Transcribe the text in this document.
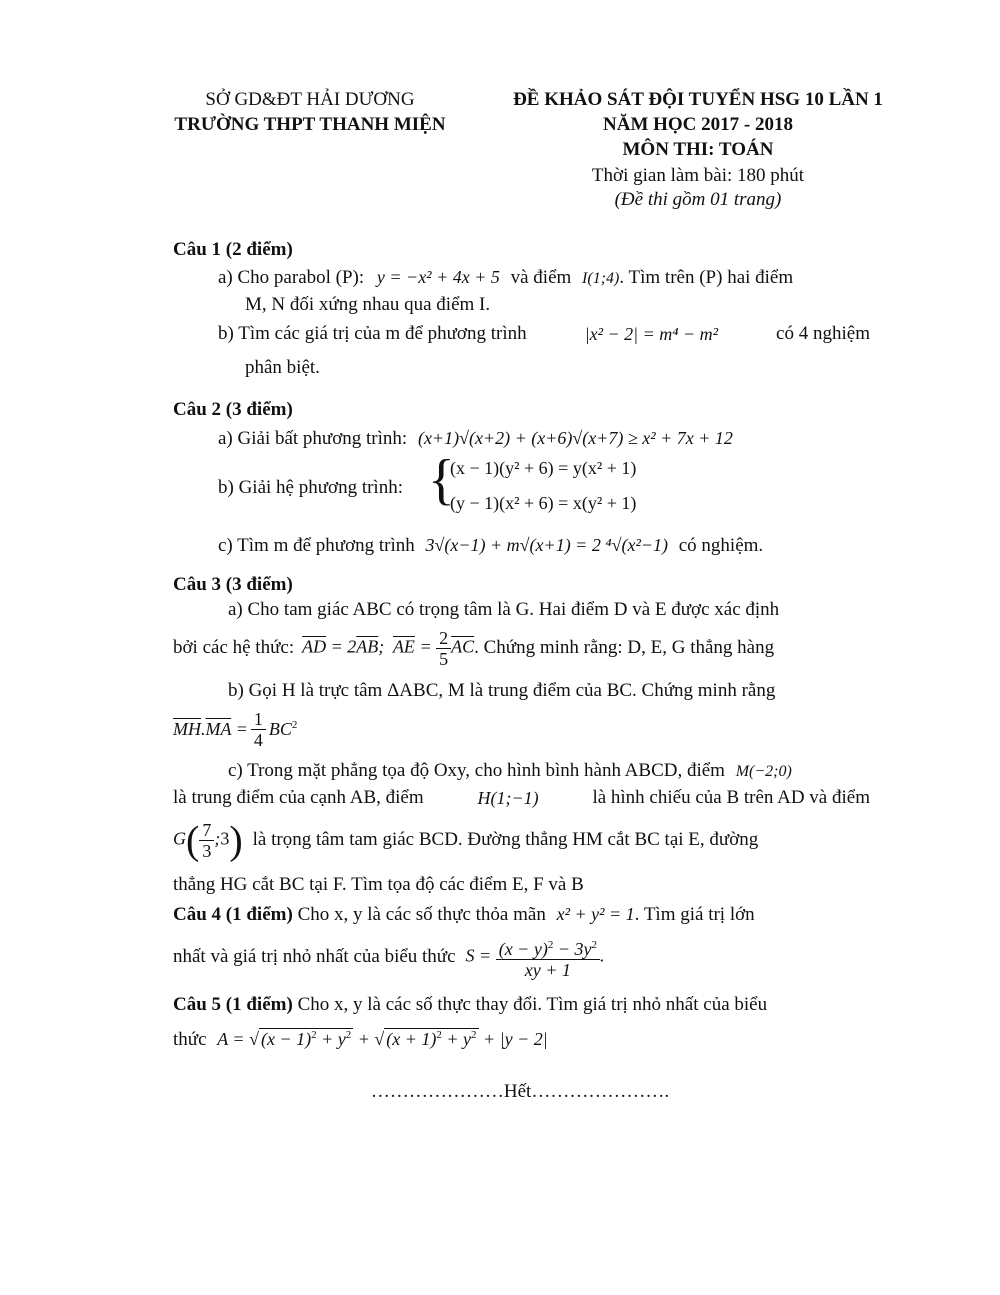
SỞ GD&ĐT HẢI DƯƠNG
TRƯỜNG THPT THANH MIỆN
ĐỀ KHẢO SÁT ĐỘI TUYỂN HSG 10 LẦN 1
NĂM HỌC 2017 - 2018
MÔN THI: TOÁN
Thời gian làm bài: 180 phút
(Đề thi gồm 01 trang)
Câu 1 (2 điểm)
a) Cho parabol (P): y = −x² + 4x + 5 và điểm I(1;4). Tìm trên (P) hai điểm
M, N đối xứng nhau qua điểm I.
b) Tìm các giá trị của m để phương trình	|x² − 2| = m⁴ − m²	có 4 nghiệm
phân biệt.
Câu 2 (3 điểm)
a) Giải bất phương trình: (x+1)√(x+2) + (x+6)√(x+7) ≥ x² + 7x + 12
b) Giải hệ phương trình: {
(x − 1)(y² + 6) = y(x² + 1)
(y − 1)(x² + 6) = x(y² + 1)
c) Tìm m để phương trình 3√(x−1) + m√(x+1) = 2 ⁴√(x²−1) có nghiệm.
Câu 3 (3 điểm)
a) Cho tam giác ABC có trọng tâm là G. Hai điểm D và E được xác định
bởi các hệ thức: $\overline{AD} = 2\overline{AB}$;  $\overline{AE} = \frac{2}{5} \overline{AC}$ . Chứng minh rằng: D, E, G thẳng hàng
b) Gọi H là trực tâm ΔABC, M là trung điểm của BC. Chứng minh rằng
$\overline{MH}.\overline{MA} = \frac{1}{4} BC^2$
c) Trong mặt phẳng tọa độ Oxy, cho hình bình hành ABCD, điểm M(−2;0)
là trung điểm của cạnh AB, điểm	H(1;−1)	là hình chiếu của B trên AD và điểm
$G( \frac{7}{3}$ ;3) là trọng tâm tam giác BCD. Đường thẳng HM cắt BC tại E, đường
thẳng HG cắt BC tại F. Tìm tọa độ các điểm E, F và B
Câu 4 (1 điểm) Cho x, y là các số thực thỏa mãn x² + y² = 1. Tìm giá trị lớn
nhất và giá trị nhỏ nhất của biểu thức $S = \frac{(x - y)^2 - 3y^2}{xy + 1}$ .
Câu 5 (1 điểm) Cho x, y là các số thực thay đổi. Tìm giá trị nhỏ nhất của biểu
thức A = √ $(x - 1)^2 + y^2$ + √ $(x + 1)^2 + y^2 + |y - 2|$
…………………Hết………………….
